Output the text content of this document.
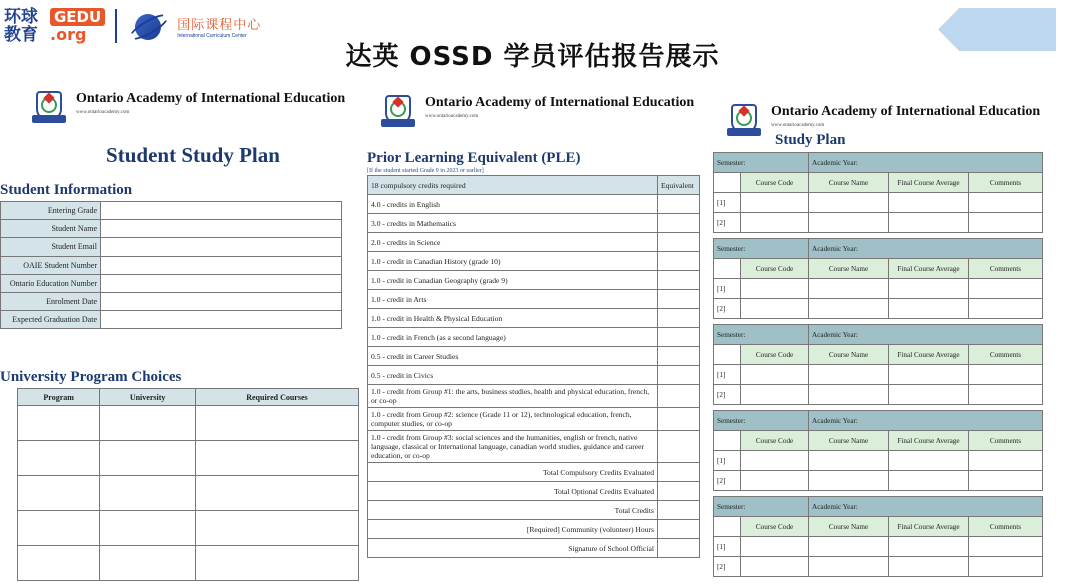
环球教育
GEDU
.org	国际课程中心
International Curriculum Center
达英 OSSD 学员评估报告展示
Ontario Academy of International Education
www.ontarioacademy.com
Student Study Plan
Student Information
Entering Grade	
Student Name	
Student Email	
OAIE Student Number	
Ontario Education Number	
Enrolment Date	
Expected Graduation Date	
University Program Choices
Program	University	Required Courses

Ontario Academy of International Education
www.ontarioacademy.com
Prior Learning Equivalent (PLE)
[If the student started Grade 9 in 2023 or earlier]
18 compulsory credits required	Equivalent
4.0 - credits in English	
3.0 - credits in Mathematics	
2.0 - credits in Science	
1.0 - credit in Canadian History (grade 10)	
1.0 - credit in Canadian Geography (grade 9)	
1.0 - credit in Arts	
1.0 - credit in Health & Physical Education	
1.0 - credit in French (as a second language)	
0.5 - credit in Career Studies	
0.5 - credit in Civics	
1.0 - credit from Group #1: the arts, business studies, health and physical education, french, or co-op	
1.0 - credit from Group #2: science (Grade 11 or 12), technological education, french, computer studies, or co-op	
1.0 - credit from Group #3: social sciences and the humanities, english or french, native language, classical or International language, canadian world studies, guidance and career education, or co-op	
Total Compulsory Credits Evaluated	
Total Optional Credits Evaluated	
Total Credits	
[Required] Community (volunteer) Hours	
Signature of School Official	
Ontario Academy of International Education
www.ontarioacademy.com
Study Plan
Semester:		Academic Year:		
	Course Code	Course Name	Final Course Average	Comments
[1]				
[2]				
Semester:		Academic Year:		
	Course Code	Course Name	Final Course Average	Comments
[1]				
[2]				
Semester:		Academic Year:		
	Course Code	Course Name	Final Course Average	Comments
[1]				
[2]				
Semester:		Academic Year:		
	Course Code	Course Name	Final Course Average	Comments
[1]				
[2]				
Semester:		Academic Year:		
	Course Code	Course Name	Final Course Average	Comments
[1]				
[2]				
